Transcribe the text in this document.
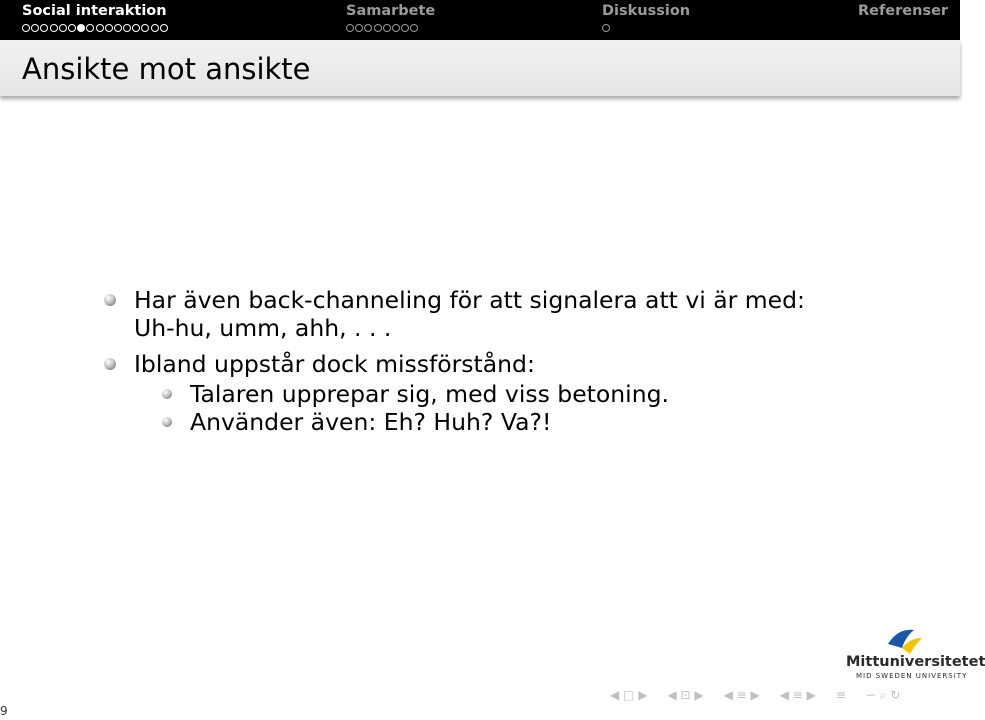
Social interaktion	Samarbete	Diskussion	Referenser
Ansikte mot ansikte
Har även back-channeling för att signalera att vi är med:
Uh-hu, umm, ahh, . . .
Ibland uppstår dock missförstånd:
Talaren upprepar sig, med viss betoning.
Använder även: Eh? Huh? Va?!
Mittuniversitetet
MID SWEDEN UNIVERSITY
9
◀ □ ▶ ◀ ⊡ ▶ ◀ ≡ ▶ ◀ ≡ ▶ ≡ ∽ ⌕ ↻
